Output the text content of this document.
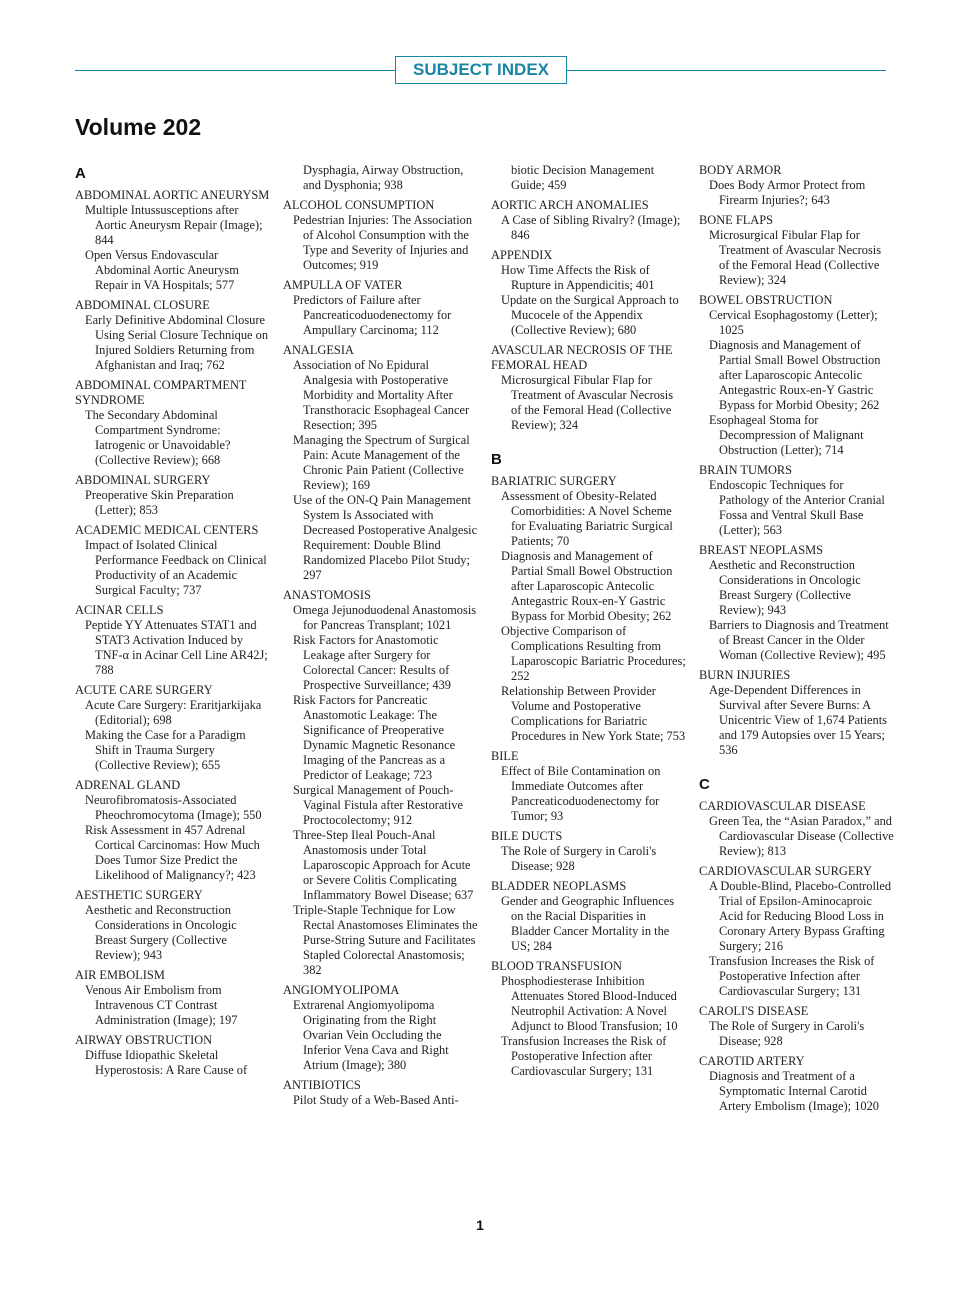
SUBJECT INDEX
Volume 202
A
ABDOMINAL AORTIC ANEURYSM
Multiple Intussusceptions after Aortic Aneurysm Repair (Image); 844
Open Versus Endovascular Abdominal Aortic Aneurysm Repair in VA Hospitals; 577
ABDOMINAL CLOSURE
Early Definitive Abdominal Closure Using Serial Closure Technique on Injured Soldiers Returning from Afghanistan and Iraq; 762
ABDOMINAL COMPARTMENT SYNDROME
The Secondary Abdominal Compartment Syndrome: Iatrogenic or Unavoidable? (Collective Review); 668
ABDOMINAL SURGERY
Preoperative Skin Preparation (Letter); 853
ACADEMIC MEDICAL CENTERS
Impact of Isolated Clinical Performance Feedback on Clinical Productivity of an Academic Surgical Faculty; 737
ACINAR CELLS
Peptide YY Attenuates STAT1 and STAT3 Activation Induced by TNF-α in Acinar Cell Line AR42J; 788
ACUTE CARE SURGERY
Acute Care Surgery: Eraritjarkijaka (Editorial); 698
Making the Case for a Paradigm Shift in Trauma Surgery (Collective Review); 655
ADRENAL GLAND
Neurofibromatosis-Associated Pheochromocytoma (Image); 550
Risk Assessment in 457 Adrenal Cortical Carcinomas: How Much Does Tumor Size Predict the Likelihood of Malignancy?; 423
AESTHETIC SURGERY
Aesthetic and Reconstruction Considerations in Oncologic Breast Surgery (Collective Review); 943
AIR EMBOLISM
Venous Air Embolism from Intravenous CT Contrast Administration (Image); 197
AIRWAY OBSTRUCTION
Diffuse Idiopathic Skeletal Hyperostosis: A Rare Cause of
Dysphagia, Airway Obstruction, and Dysphonia; 938
ALCOHOL CONSUMPTION
Pedestrian Injuries: The Association of Alcohol Consumption with the Type and Severity of Injuries and Outcomes; 919
AMPULLA OF VATER
Predictors of Failure after Pancreaticoduodenectomy for Ampullary Carcinoma; 112
ANALGESIA
Association of No Epidural Analgesia with Postoperative Morbidity and Mortality After Transthoracic Esophageal Cancer Resection; 395
Managing the Spectrum of Surgical Pain: Acute Management of the Chronic Pain Patient (Collective Review); 169
Use of the ON-Q Pain Management System Is Associated with Decreased Postoperative Analgesic Requirement: Double Blind Randomized Placebo Pilot Study; 297
ANASTOMOSIS
Omega Jejunoduodenal Anastomosis for Pancreas Transplant; 1021
Risk Factors for Anastomotic Leakage after Surgery for Colorectal Cancer: Results of Prospective Surveillance; 439
Risk Factors for Pancreatic Anastomotic Leakage: The Significance of Preoperative Dynamic Magnetic Resonance Imaging of the Pancreas as a Predictor of Leakage; 723
Surgical Management of Pouch-Vaginal Fistula after Restorative Proctocolectomy; 912
Three-Step Ileal Pouch-Anal Anastomosis under Total Laparoscopic Approach for Acute or Severe Colitis Complicating Inflammatory Bowel Disease; 637
Triple-Staple Technique for Low Rectal Anastomoses Eliminates the Purse-String Suture and Facilitates Stapled Colorectal Anastomosis; 382
ANGIOMYOLIPOMA
Extrarenal Angiomyolipoma Originating from the Right Ovarian Vein Occluding the Inferior Vena Cava and Right Atrium (Image); 380
ANTIBIOTICS
Pilot Study of a Web-Based Anti-
biotic Decision Management Guide; 459
AORTIC ARCH ANOMALIES
A Case of Sibling Rivalry? (Image); 846
APPENDIX
How Time Affects the Risk of Rupture in Appendicitis; 401
Update on the Surgical Approach to Mucocele of the Appendix (Collective Review); 680
AVASCULAR NECROSIS OF THE FEMORAL HEAD
Microsurgical Fibular Flap for Treatment of Avascular Necrosis of the Femoral Head (Collective Review); 324
B
BARIATRIC SURGERY
Assessment of Obesity-Related Comorbidities: A Novel Scheme for Evaluating Bariatric Surgical Patients; 70
Diagnosis and Management of Partial Small Bowel Obstruction after Laparoscopic Antecolic Antegastric Roux-en-Y Gastric Bypass for Morbid Obesity; 262
Objective Comparison of Complications Resulting from Laparoscopic Bariatric Procedures; 252
Relationship Between Provider Volume and Postoperative Complications for Bariatric Procedures in New York State; 753
BILE
Effect of Bile Contamination on Immediate Outcomes after Pancreaticoduodenectomy for Tumor; 93
BILE DUCTS
The Role of Surgery in Caroli's Disease; 928
BLADDER NEOPLASMS
Gender and Geographic Influences on the Racial Disparities in Bladder Cancer Mortality in the US; 284
BLOOD TRANSFUSION
Phosphodiesterase Inhibition Attenuates Stored Blood-Induced Neutrophil Activation: A Novel Adjunct to Blood Transfusion; 10
Transfusion Increases the Risk of Postoperative Infection after Cardiovascular Surgery; 131
BODY ARMOR
Does Body Armor Protect from Firearm Injuries?; 643
BONE FLAPS
Microsurgical Fibular Flap for Treatment of Avascular Necrosis of the Femoral Head (Collective Review); 324
BOWEL OBSTRUCTION
Cervical Esophagostomy (Letter); 1025
Diagnosis and Management of Partial Small Bowel Obstruction after Laparoscopic Antecolic Antegastric Roux-en-Y Gastric Bypass for Morbid Obesity; 262
Esophageal Stoma for Decompression of Malignant Obstruction (Letter); 714
BRAIN TUMORS
Endoscopic Techniques for Pathology of the Anterior Cranial Fossa and Ventral Skull Base (Letter); 563
BREAST NEOPLASMS
Aesthetic and Reconstruction Considerations in Oncologic Breast Surgery (Collective Review); 943
Barriers to Diagnosis and Treatment of Breast Cancer in the Older Woman (Collective Review); 495
BURN INJURIES
Age-Dependent Differences in Survival after Severe Burns: A Unicentric View of 1,674 Patients and 179 Autopsies over 15 Years; 536
C
CARDIOVASCULAR DISEASE
Green Tea, the “Asian Paradox,” and Cardiovascular Disease (Collective Review); 813
CARDIOVASCULAR SURGERY
A Double-Blind, Placebo-Controlled Trial of Epsilon-Aminocaproic Acid for Reducing Blood Loss in Coronary Artery Bypass Grafting Surgery; 216
Transfusion Increases the Risk of Postoperative Infection after Cardiovascular Surgery; 131
CAROLI'S DISEASE
The Role of Surgery in Caroli's Disease; 928
CAROTID ARTERY
Diagnosis and Treatment of a Symptomatic Internal Carotid Artery Embolism (Image); 1020
1
